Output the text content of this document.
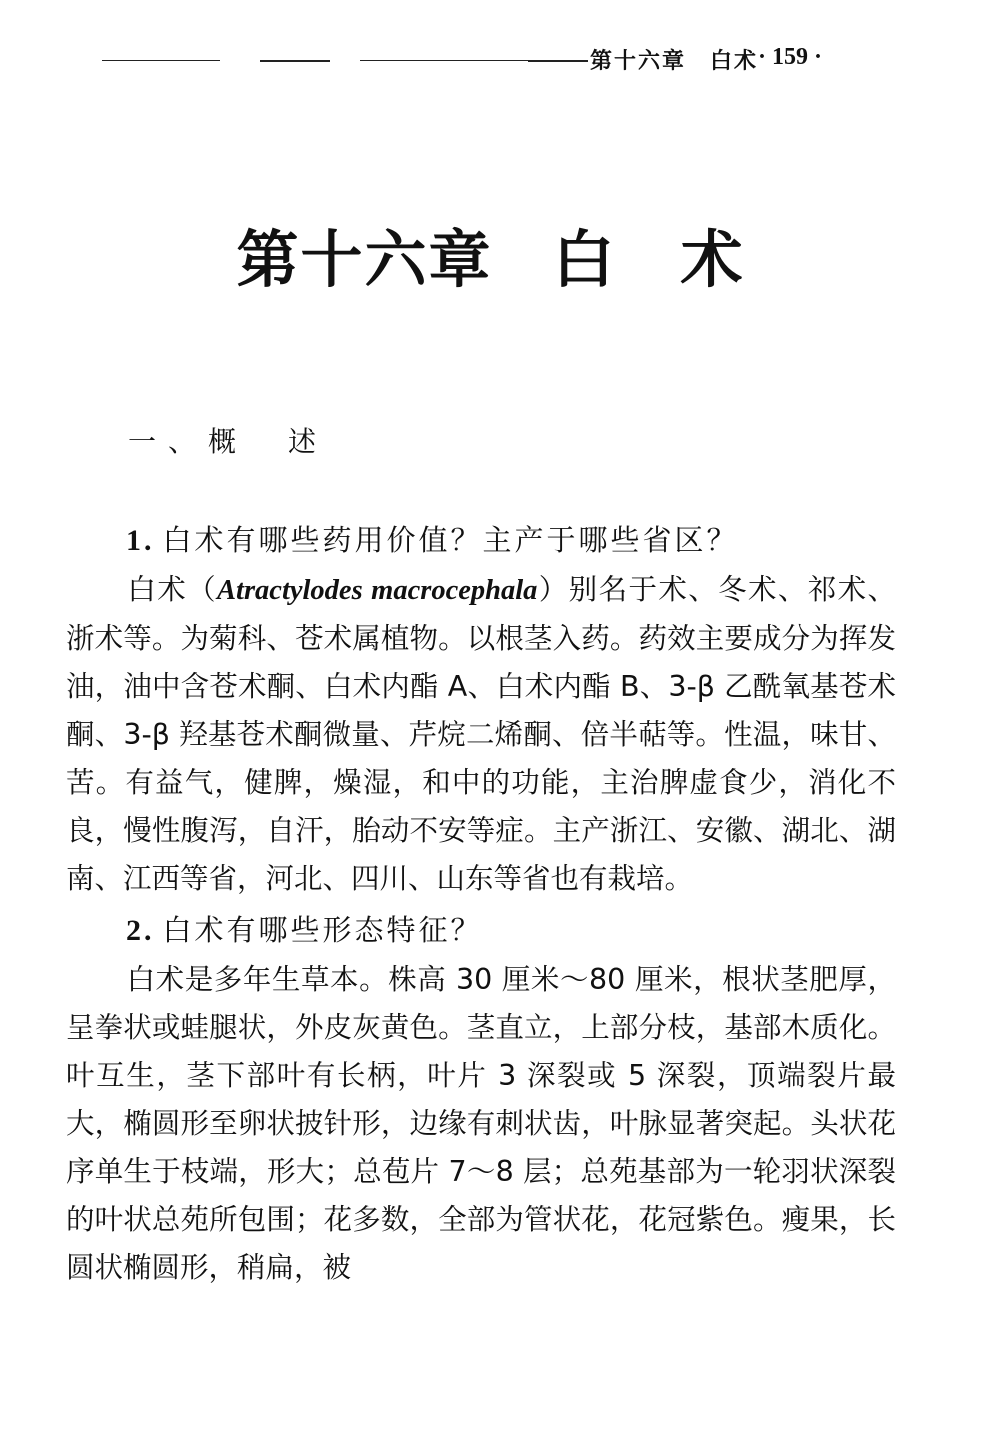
第十六章　白术 · 159 ·
第十六章 白 术
一、概　述

1. 白术有哪些药用价值？主产于哪些省区？

白术（Atractylodes macrocephala）别名于术、冬术、祁术、浙术等。为菊科、苍术属植物。以根茎入药。药效主要成分为挥发油，油中含苍术酮、白术内酯 A、白术内酯 B、3-β 乙酰氧基苍术酮、3-β 羟基苍术酮微量、芹烷二烯酮、倍半萜等。性温，味甘、苦。有益气，健脾，燥湿，和中的功能，主治脾虚食少，消化不良，慢性腹泻，自汗，胎动不安等症。主产浙江、安徽、湖北、湖南、江西等省，河北、四川、山东等省也有栽培。

2. 白术有哪些形态特征？

白术是多年生草本。株高 30 厘米～80 厘米，根状茎肥厚，呈拳状或蛙腿状，外皮灰黄色。茎直立，上部分枝，基部木质化。叶互生，茎下部叶有长柄，叶片 3 深裂或 5 深裂，顶端裂片最大，椭圆形至卵状披针形，边缘有刺状齿，叶脉显著突起。头状花序单生于枝端，形大；总苞片 7～8 层；总苑基部为一轮羽状深裂的叶状总苑所包围；花多数，全部为管状花，花冠紫色。瘦果，长圆状椭圆形，稍扁，被
